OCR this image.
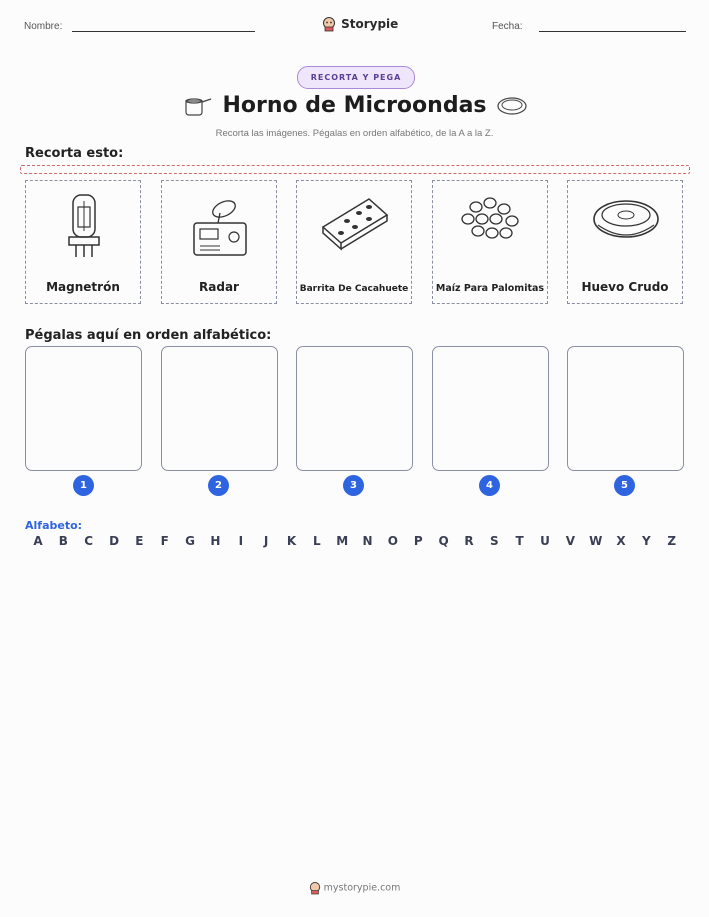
Nombre:	Storypie	Fecha:
RECORTA Y PEGA
Horno de Microondas
Recorta las imágenes. Pégalas en orden alfabético, de la A a la Z.
Recorta esto:
Magnetrón	Radar	Barrita De Cacahuete	Maíz Para Palomitas	Huevo Crudo
Pégalas aquí en orden alfabético:
1	2	3	4	5
Alfabeto:
A	B	C	D	E	F	G	H	I	J	K	L	M	N	O	P	Q	R	S	T	U	V	W	X	Y	Z
mystorypie.com
